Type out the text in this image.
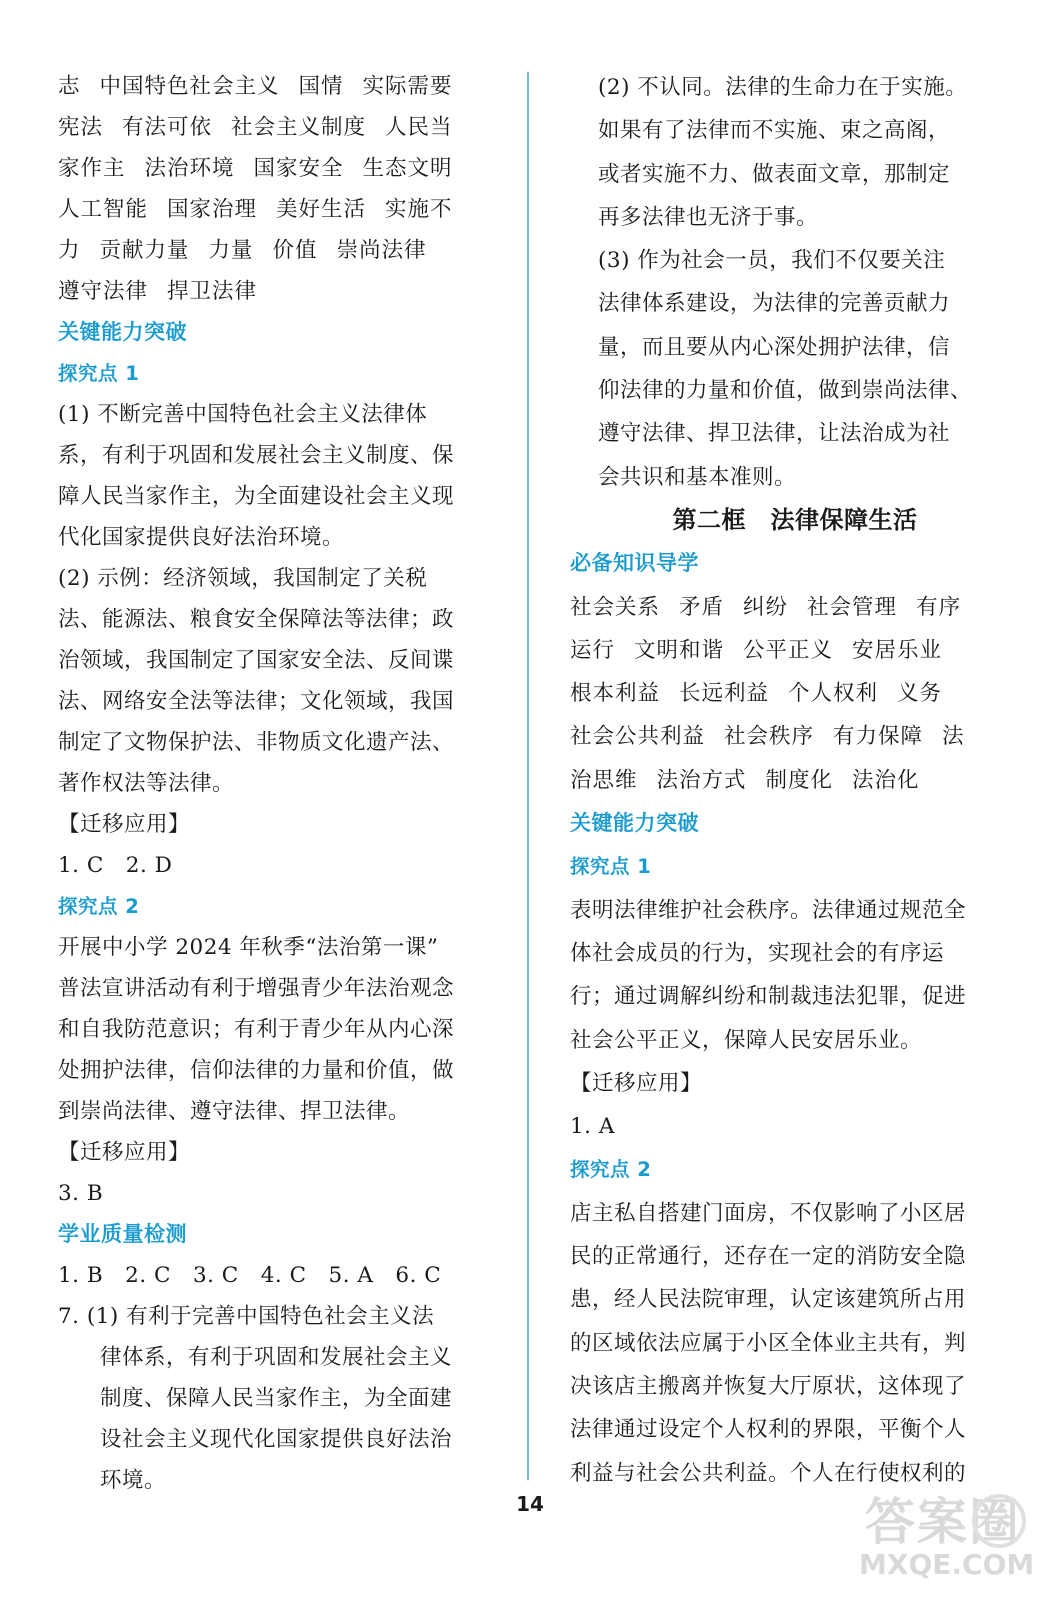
志 中国特色社会主义 国情 实际需要
宪法 有法可依 社会主义制度 人民当
家作主 法治环境 国家安全 生态文明
人工智能 国家治理 美好生活 实施不
力 贡献力量 力量 价值 崇尚法律
遵守法律 捍卫法律
关键能力突破
探究点 1
(1) 不断完善中国特色社会主义法律体
系，有利于巩固和发展社会主义制度、保
障人民当家作主，为全面建设社会主义现
代化国家提供良好法治环境。
(2) 示例：经济领域，我国制定了关税
法、能源法、粮食安全保障法等法律；政
治领域，我国制定了国家安全法、反间谍
法、网络安全法等法律；文化领域，我国
制定了文物保护法、非物质文化遗产法、
著作权法等法律。
【迁移应用】
1. C　2. D
探究点 2
开展中小学 2024 年秋季“法治第一课”
普法宣讲活动有利于增强青少年法治观念
和自我防范意识；有利于青少年从内心深
处拥护法律，信仰法律的力量和价值，做
到崇尚法律、遵守法律、捍卫法律。
【迁移应用】
3. B
学业质量检测
1. B　2. C　3. C　4. C　5. A　6. C
7. (1) 有利于完善中国特色社会主义法
律体系，有利于巩固和发展社会主义
制度、保障人民当家作主，为全面建
设社会主义现代化国家提供良好法治
环境。
(2) 不认同。法律的生命力在于实施。
如果有了法律而不实施、束之高阁，
或者实施不力、做表面文章，那制定
再多法律也无济于事。
(3) 作为社会一员，我们不仅要关注
法律体系建设，为法律的完善贡献力
量，而且要从内心深处拥护法律，信
仰法律的力量和价值，做到崇尚法律、
遵守法律、捍卫法律，让法治成为社
会共识和基本准则。
第二框　法律保障生活
必备知识导学
社会关系 矛盾 纠纷 社会管理 有序
运行 文明和谐 公平正义 安居乐业
根本利益 长远利益 个人权利 义务
社会公共利益 社会秩序 有力保障 法
治思维 法治方式 制度化 法治化
关键能力突破
探究点 1
表明法律维护社会秩序。法律通过规范全
体社会成员的行为，实现社会的有序运
行；通过调解纠纷和制裁违法犯罪，促进
社会公平正义，保障人民安居乐业。
【迁移应用】
1. A
探究点 2
店主私自搭建门面房，不仅影响了小区居
民的正常通行，还存在一定的消防安全隐
患，经人民法院审理，认定该建筑所占用
的区域依法应属于小区全体业主共有，判
决该店主搬离并恢复大厅原状，这体现了
法律通过设定个人权利的界限，平衡个人
利益与社会公共利益。个人在行使权利的
14	答案圈
MXQE.COM
